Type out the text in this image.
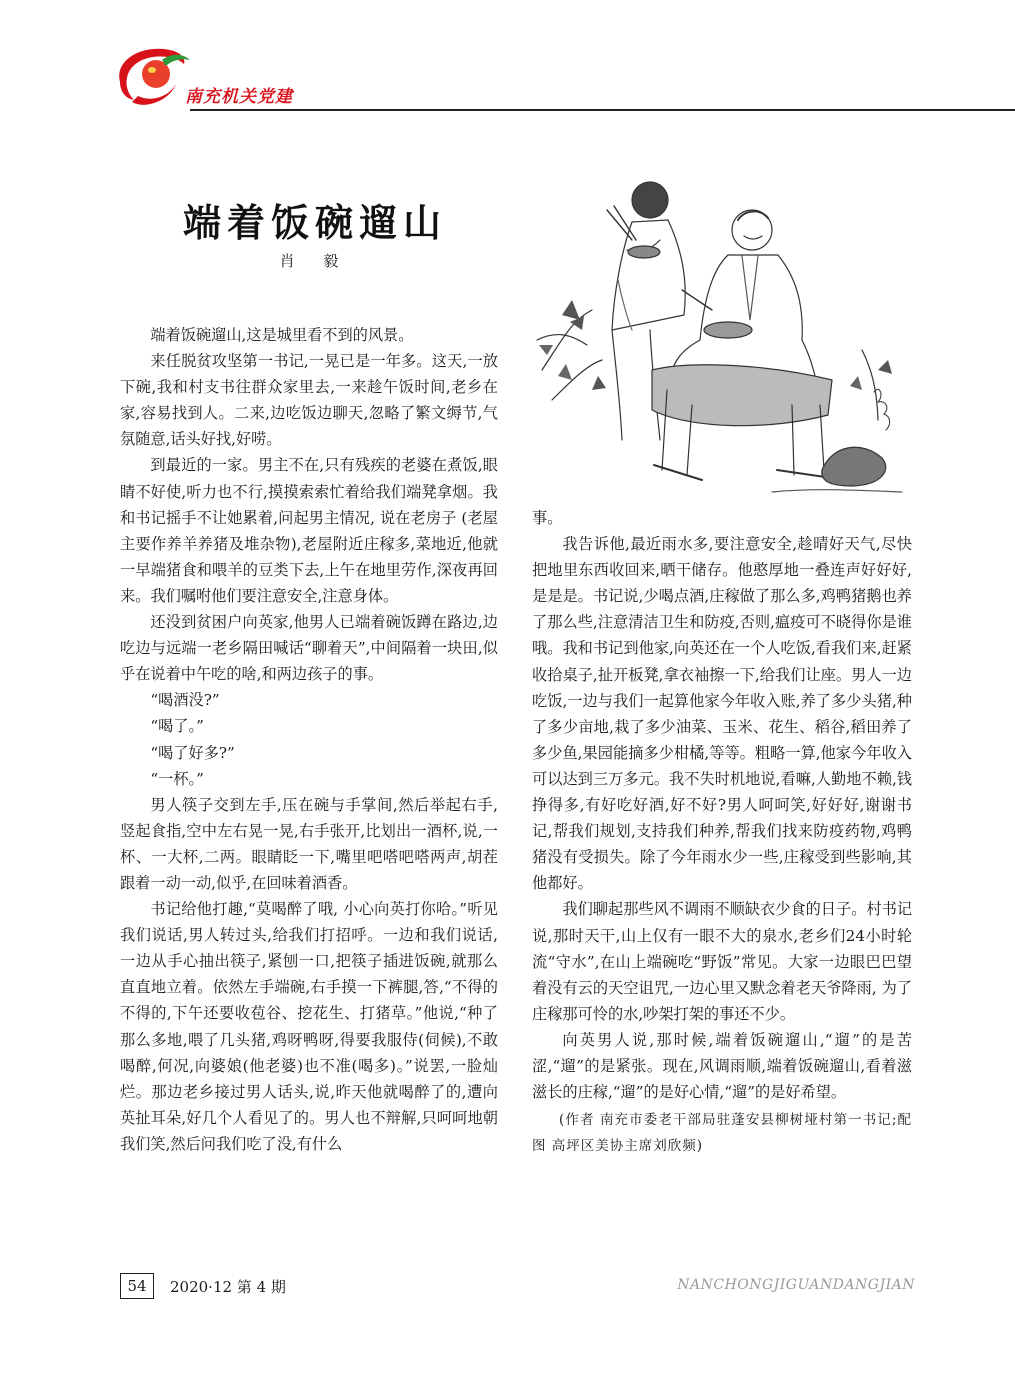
南充机关党建
端着饭碗遛山
肖 毅

端着饭碗遛山,这是城里看不到的风景。

来任脱贫攻坚第一书记,一晃已是一年多。这天,一放下碗,我和村支书往群众家里去,一来趁午饭时间,老乡在家,容易找到人。二来,边吃饭边聊天,忽略了繁文缛节,气氛随意,话头好找,好唠。

到最近的一家。男主不在,只有残疾的老婆在煮饭,眼睛不好使,听力也不行,摸摸索索忙着给我们端凳拿烟。我和书记摇手不让她累着,问起男主情况, 说在老房子 (老屋主要作养羊养猪及堆杂物),老屋附近庄稼多,菜地近,他就一早端猪食和喂羊的豆类下去,上午在地里劳作,深夜再回来。我们嘱咐他们要注意安全,注意身体。

还没到贫困户向英家,他男人已端着碗饭蹲在路边,边吃边与远端一老乡隔田喊话“聊着天”,中间隔着一块田,似乎在说着中午吃的啥,和两边孩子的事。

“喝酒没?”

“喝了。”

“喝了好多?”

“一杯。”

男人筷子交到左手,压在碗与手掌间,然后举起右手,竖起食指,空中左右晃一晃,右手张开,比划出一酒杯,说,一杯、一大杯,二两。眼睛眨一下,嘴里吧嗒吧嗒两声,胡茬跟着一动一动,似乎,在回味着酒香。

书记给他打趣,“莫喝醉了哦, 小心向英打你哈。”听见我们说话,男人转过头,给我们打招呼。一边和我们说话,一边从手心抽出筷子,紧刨一口,把筷子插进饭碗,就那么直直地立着。依然左手端碗,右手摸一下裤腿,答,“不得的不得的,下午还要收苞谷、挖花生、打猪草。”他说,“种了那么多地,喂了几头猪,鸡呀鸭呀,得要我服侍(伺候),不敢喝醉,何况,向婆娘(他老婆)也不准(喝多)。”说罢,一脸灿烂。那边老乡接过男人话头,说,昨天他就喝醉了的,遭向英扯耳朵,好几个人看见了的。男人也不辩解,只呵呵地朝我们笑,然后问我们吃了没,有什么

事。

我告诉他,最近雨水多,要注意安全,趁晴好天气,尽快把地里东西收回来,晒干储存。他憨厚地一叠连声好好好,是是是。书记说,少喝点酒,庄稼做了那么多,鸡鸭猪鹅也养了那么些,注意清洁卫生和防疫,否则,瘟疫可不晓得你是谁哦。我和书记到他家,向英还在一个人吃饭,看我们来,赶紧收拾桌子,扯开板凳,拿衣袖擦一下,给我们让座。男人一边吃饭,一边与我们一起算他家今年收入账,养了多少头猪,种了多少亩地,栽了多少油菜、玉米、花生、稻谷,稻田养了多少鱼,果园能摘多少柑橘,等等。粗略一算,他家今年收入可以达到三万多元。我不失时机地说,看嘛,人勤地不赖,钱挣得多,有好吃好酒,好不好?男人呵呵笑,好好好,谢谢书记,帮我们规划,支持我们种养,帮我们找来防疫药物,鸡鸭猪没有受损失。除了今年雨水少一些,庄稼受到些影响,其他都好。

我们聊起那些风不调雨不顺缺衣少食的日子。村书记说,那时天干,山上仅有一眼不大的泉水,老乡们24小时轮流“守水”,在山上端碗吃“野饭”常见。大家一边眼巴巴望着没有云的天空诅咒,一边心里又默念着老天爷降雨, 为了庄稼那可怜的水,吵架打架的事还不少。

向英男人说,那时候,端着饭碗遛山,“遛”的是苦涩,“遛”的是紧张。现在,风调雨顺,端着饭碗遛山,看着滋滋长的庄稼,“遛”的是好心情,“遛”的是好希望。

(作者 南充市委老干部局驻蓬安县柳树垭村第一书记;配图 高坪区美协主席刘欣频)

54	2020·12 第 4 期	NANCHONGJIGUANDANGJIAN
